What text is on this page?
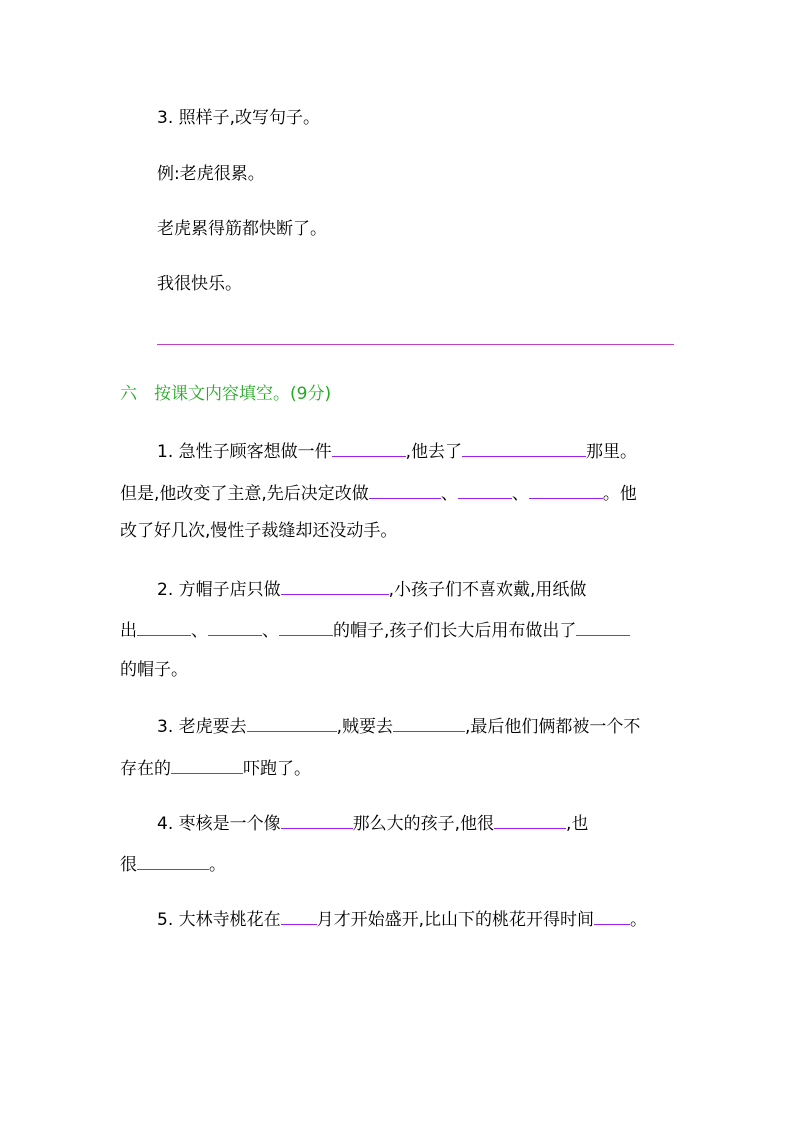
3. 照样子,改写句子。
例:老虎很累。
老虎累得筋都快断了。
我很快乐。
六　按课文内容填空。(9分)
1. 急性子顾客想做一件	,他去了	那里。
但是,他改变了主意,先后决定改做	、	、	。他
改了好几次,慢性子裁缝却还没动手。
2. 方帽子店只做	,小孩子们不喜欢戴,用纸做
出	、	、	的帽子,孩子们长大后用布做出了
的帽子。
3. 老虎要去	,贼要去	,最后他们俩都被一个不
存在的	吓跑了。
4. 枣核是一个像	那么大的孩子,他很	,也
很	。
5. 大林寺桃花在 月才开始盛开,比山下的桃花开得时间 。
